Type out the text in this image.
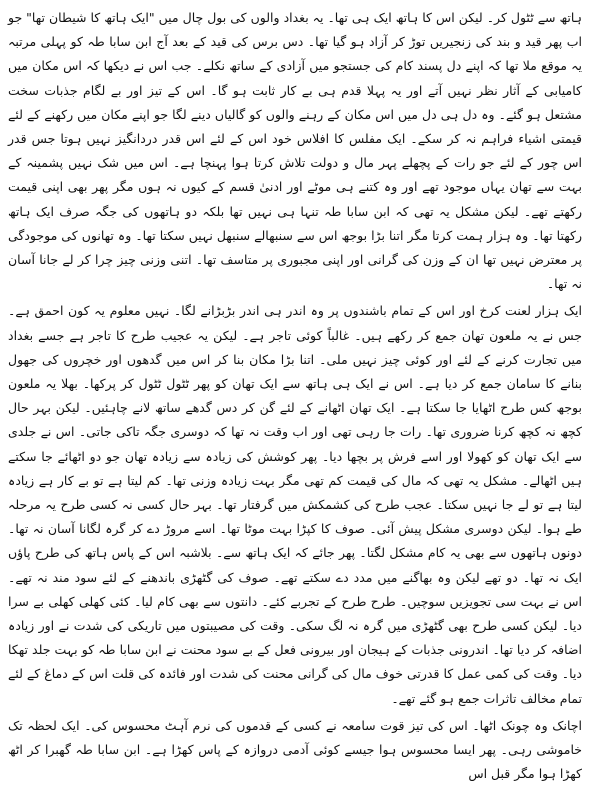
ہاتھ سے ٹٹول کر۔ لیکن اس کا ہاتھ ایک ہی تھا۔ یہ بغداد والوں کی بول چال میں "ایک ہاتھ کا شیطان تھا" جو اب پھر قید و بند کی زنجیریں توڑ کر آزاد ہو گیا تھا۔ دس برس کی قید کے بعد آج ابن سابا طہ کو پہلی مرتبہ یہ موقع ملا تھا کہ اپنے دل پسند کام کی جستجو میں آزادی کے ساتھ نکلے۔ جب اس نے دیکھا کہ اس مکان میں کامیابی کے آثار نظر نہیں آتے اور یہ پہلا قدم ہی بے کار ثابت ہو گا۔ اس کے تیز اور بے لگام جذبات سخت مشتعل ہو گئے۔ وہ دل ہی دل میں اس مکان کے رہنے والوں کو گالیاں دینے لگا جو اپنے مکان میں رکھنے کے لئے قیمتی اشیاء فراہم نہ کر سکے۔ ایک مفلس کا افلاس خود اس کے لئے اس قدر دردانگیز نہیں ہوتا جس قدر اس چور کے لئے جو رات کے پچھلے پہر مال و دولت تلاش کرتا ہوا پہنچا ہے۔ اس میں شک نہیں پشمینہ کے بہت سے تھان یہاں موجود تھے اور وہ کتنے ہی موٹے اور ادنیٰ قسم کے کیوں نہ ہوں مگر پھر بھی اپنی قیمت رکھتے تھے۔ لیکن مشکل یہ تھی کہ ابن سابا طہ تنہا ہی نہیں تھا بلکہ دو ہاتھوں کی جگہ صرف ایک ہاتھ رکھتا تھا۔ وہ ہزار ہمت کرتا مگر اتنا بڑا بوجھ اس سے سنبھالے سنبھل نہیں سکتا تھا۔ وہ تھانوں کی موجودگی پر معترض نہیں تھا ان کے وزن کی گرانی اور اپنی مجبوری پر متاسف تھا۔ اتنی وزنی چیز چرا کر لے جانا آسان نہ تھا۔

ایک ہزار لعنت کرخ اور اس کے تمام باشندوں پر وہ اندر ہی اندر بڑبڑانے لگا۔ نہیں معلوم یہ کون احمق ہے۔ جس نے یہ ملعون تھان جمع کر رکھے ہیں۔ غالباً کوئی تاجر ہے۔ لیکن یہ عجیب طرح کا تاجر ہے جسے بغداد میں تجارت کرنے کے لئے اور کوئی چیز نہیں ملی۔ اتنا بڑا مکان بنا کر اس میں گدھوں اور خچروں کی جھول بنانے کا سامان جمع کر دیا ہے۔ اس نے ایک ہی ہاتھ سے ایک تھان کو پھر ٹٹول ٹٹول کر پرکھا۔ بھلا یہ ملعون بوجھ کس طرح اٹھایا جا سکتا ہے۔ ایک تھان اٹھانے کے لئے گن کر دس گدھے ساتھ لانے چاہئیں۔ لیکن بہر حال کچھ نہ کچھ کرنا ضروری تھا۔ رات جا رہی تھی اور اب وقت نہ تھا کہ دوسری جگہ تاکی جاتی۔ اس نے جلدی سے ایک تھان کو کھولا اور اسے فرش پر بچھا دیا۔ پھر کوشش کی زیادہ سے زیادہ تھان جو دو اٹھائے جا سکتے ہیں اٹھالے۔ مشکل یہ تھی کہ مال کی قیمت کم تھی مگر بہت زیادہ وزنی تھا۔ کم لیتا ہے تو بے کار ہے زیادہ لیتا ہے تو لے جا نہیں سکتا۔ عجب طرح کی کشمکش میں گرفتار تھا۔ بہر حال کسی نہ کسی طرح یہ مرحلہ طے ہوا۔ لیکن دوسری مشکل پیش آئی۔ صوف کا کپڑا بہت موٹا تھا۔ اسے مروڑ دے کر گرہ لگانا آسان نہ تھا۔ دونوں ہاتھوں سے بھی یہ کام مشکل لگتا۔ پھر جائے کہ ایک ہاتھ سے۔ بلاشبہ اس کے پاس ہاتھ کی طرح پاؤں ایک نہ تھا۔ دو تھے لیکن وہ بھاگنے میں مدد دے سکتے تھے۔ صوف کی گٹھڑی باندھنے کے لئے سود مند نہ تھے۔ اس نے بہت سی تجویزیں سوچیں۔ طرح طرح کے تجربے کئے۔ دانتوں سے بھی کام لیا۔ کئی کھلی کھلی بے سرا دیا۔ لیکن کسی طرح بھی گٹھڑی میں گرہ نہ لگ سکی۔ وقت کی مصیبتوں میں تاریکی کی شدت نے اور زیادہ اضافہ کر دیا تھا۔ اندرونی جذبات کے ہیجان اور بیرونی فعل کے بے سود محنت نے ابن سابا طہ کو بہت جلد تھکا دیا۔ وقت کی کمی عمل کا قدرتی خوف مال کی گرانی محنت کی شدت اور فائدہ کی قلت اس کے دماغ کے لئے تمام مخالف تاثرات جمع ہو گئے تھے۔

اچانک وہ چونک اٹھا۔ اس کی تیز قوت سامعہ نے کسی کے قدموں کی نرم آہٹ محسوس کی۔ ایک لحظہ تک خاموشی رہی۔ پھر ایسا محسوس ہوا جیسے کوئی آدمی دروازہ کے پاس کھڑا ہے۔ ابن سابا طہ گھبرا کر اٹھ کھڑا ہوا مگر قبل اس
